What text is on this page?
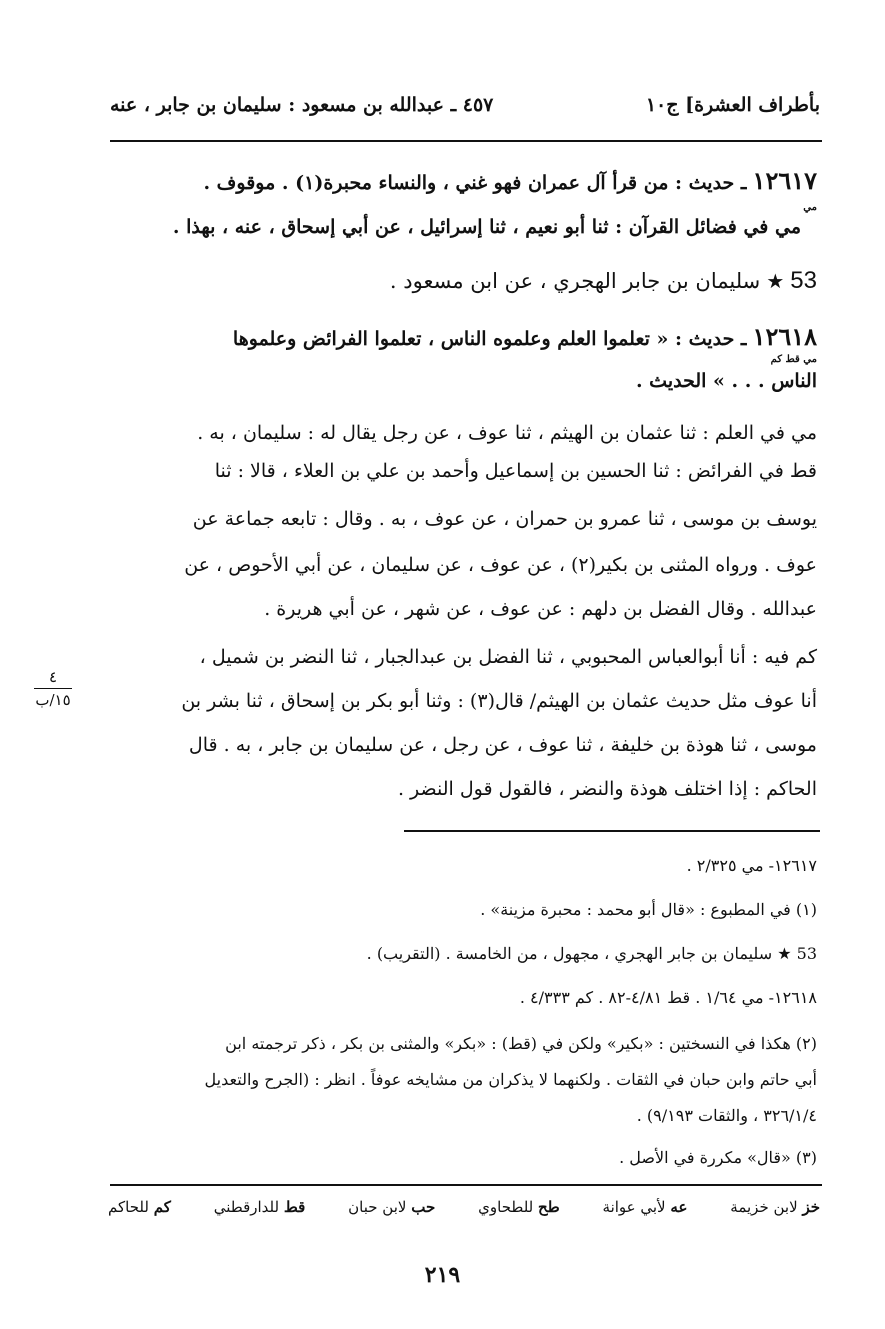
بأطراف العشرة] ج١٠
٤٥٧ ـ عبدالله بن مسعود : سليمان بن جابر ، عنه
١٢٦١٧ ـ حديث : من قرأ آل عمران فهو غني ، والنساء محبرة(١) . موقوف .
مي
مي في فضائل القرآن : ثنا أبو نعيم ، ثنا إسرائيل ، عن أبي إسحاق ، عنه ، بهذا .
53 ★ سليمان بن جابر الهجري ، عن ابن مسعود .
١٢٦١٨ ـ حديث : « تعلموا العلم وعلموه الناس ، تعلموا الفرائض وعلموها
مي قط كم
الناس . . . » الحديث .
مي في العلم : ثنا عثمان بن الهيثم ، ثنا عوف ، عن رجل يقال له : سليمان ، به .
قط في الفرائض : ثنا الحسين بن إسماعيل وأحمد بن علي بن العلاء ، قالا : ثنا
يوسف بن موسى ، ثنا عمرو بن حمران ، عن عوف ، به . وقال : تابعه جماعة عن
عوف . ورواه المثنى بن بكير(٢) ، عن عوف ، عن سليمان ، عن أبي الأحوص ، عن
عبدالله . وقال الفضل بن دلهم : عن عوف ، عن شهر ، عن أبي هريرة .
كم فيه : أنا أبوالعباس المحبوبي ، ثنا الفضل بن عبدالجبار ، ثنا النضر بن شميل ،
أنا عوف مثل حديث عثمان بن الهيثم/ قال(٣) : وثنا أبو بكر بن إسحاق ، ثنا بشر بن
موسى ، ثنا هوذة بن خليفة ، ثنا عوف ، عن رجل ، عن سليمان بن جابر ، به . قال
الحاكم : إذا اختلف هوذة والنضر ، فالقول قول النضر .
٤
١٥/ب
١٢٦١٧- مي ٢/٣٢٥ .
(١) في المطبوع : «قال أبو محمد : محبرة مزينة» .
53 ★ سليمان بن جابر الهجري ، مجهول ، من الخامسة . (التقريب) .
١٢٦١٨- مي ١/٦٤ . قط ٤/٨١-٨٢ . كم ٤/٣٣٣ .
(٢) هكذا في النسختين : «بكير» ولكن في (قط) : «بكر» والمثنى بن بكر ، ذكر ترجمته ابن
أبي حاتم وابن حبان في الثقات . ولكنهما لا يذكران من مشايخه عوفاً . انظر : (الجرح والتعديل
٣٢٦/١/٤ ، والثقات ٩/١٩٣) .
(٣) «قال» مكررة في الأصل .
خز لابن خزيمة
عه لأبي عوانة
طح للطحاوي
حب لابن حبان
قط للدارقطني
كم للحاكم
٢١٩
